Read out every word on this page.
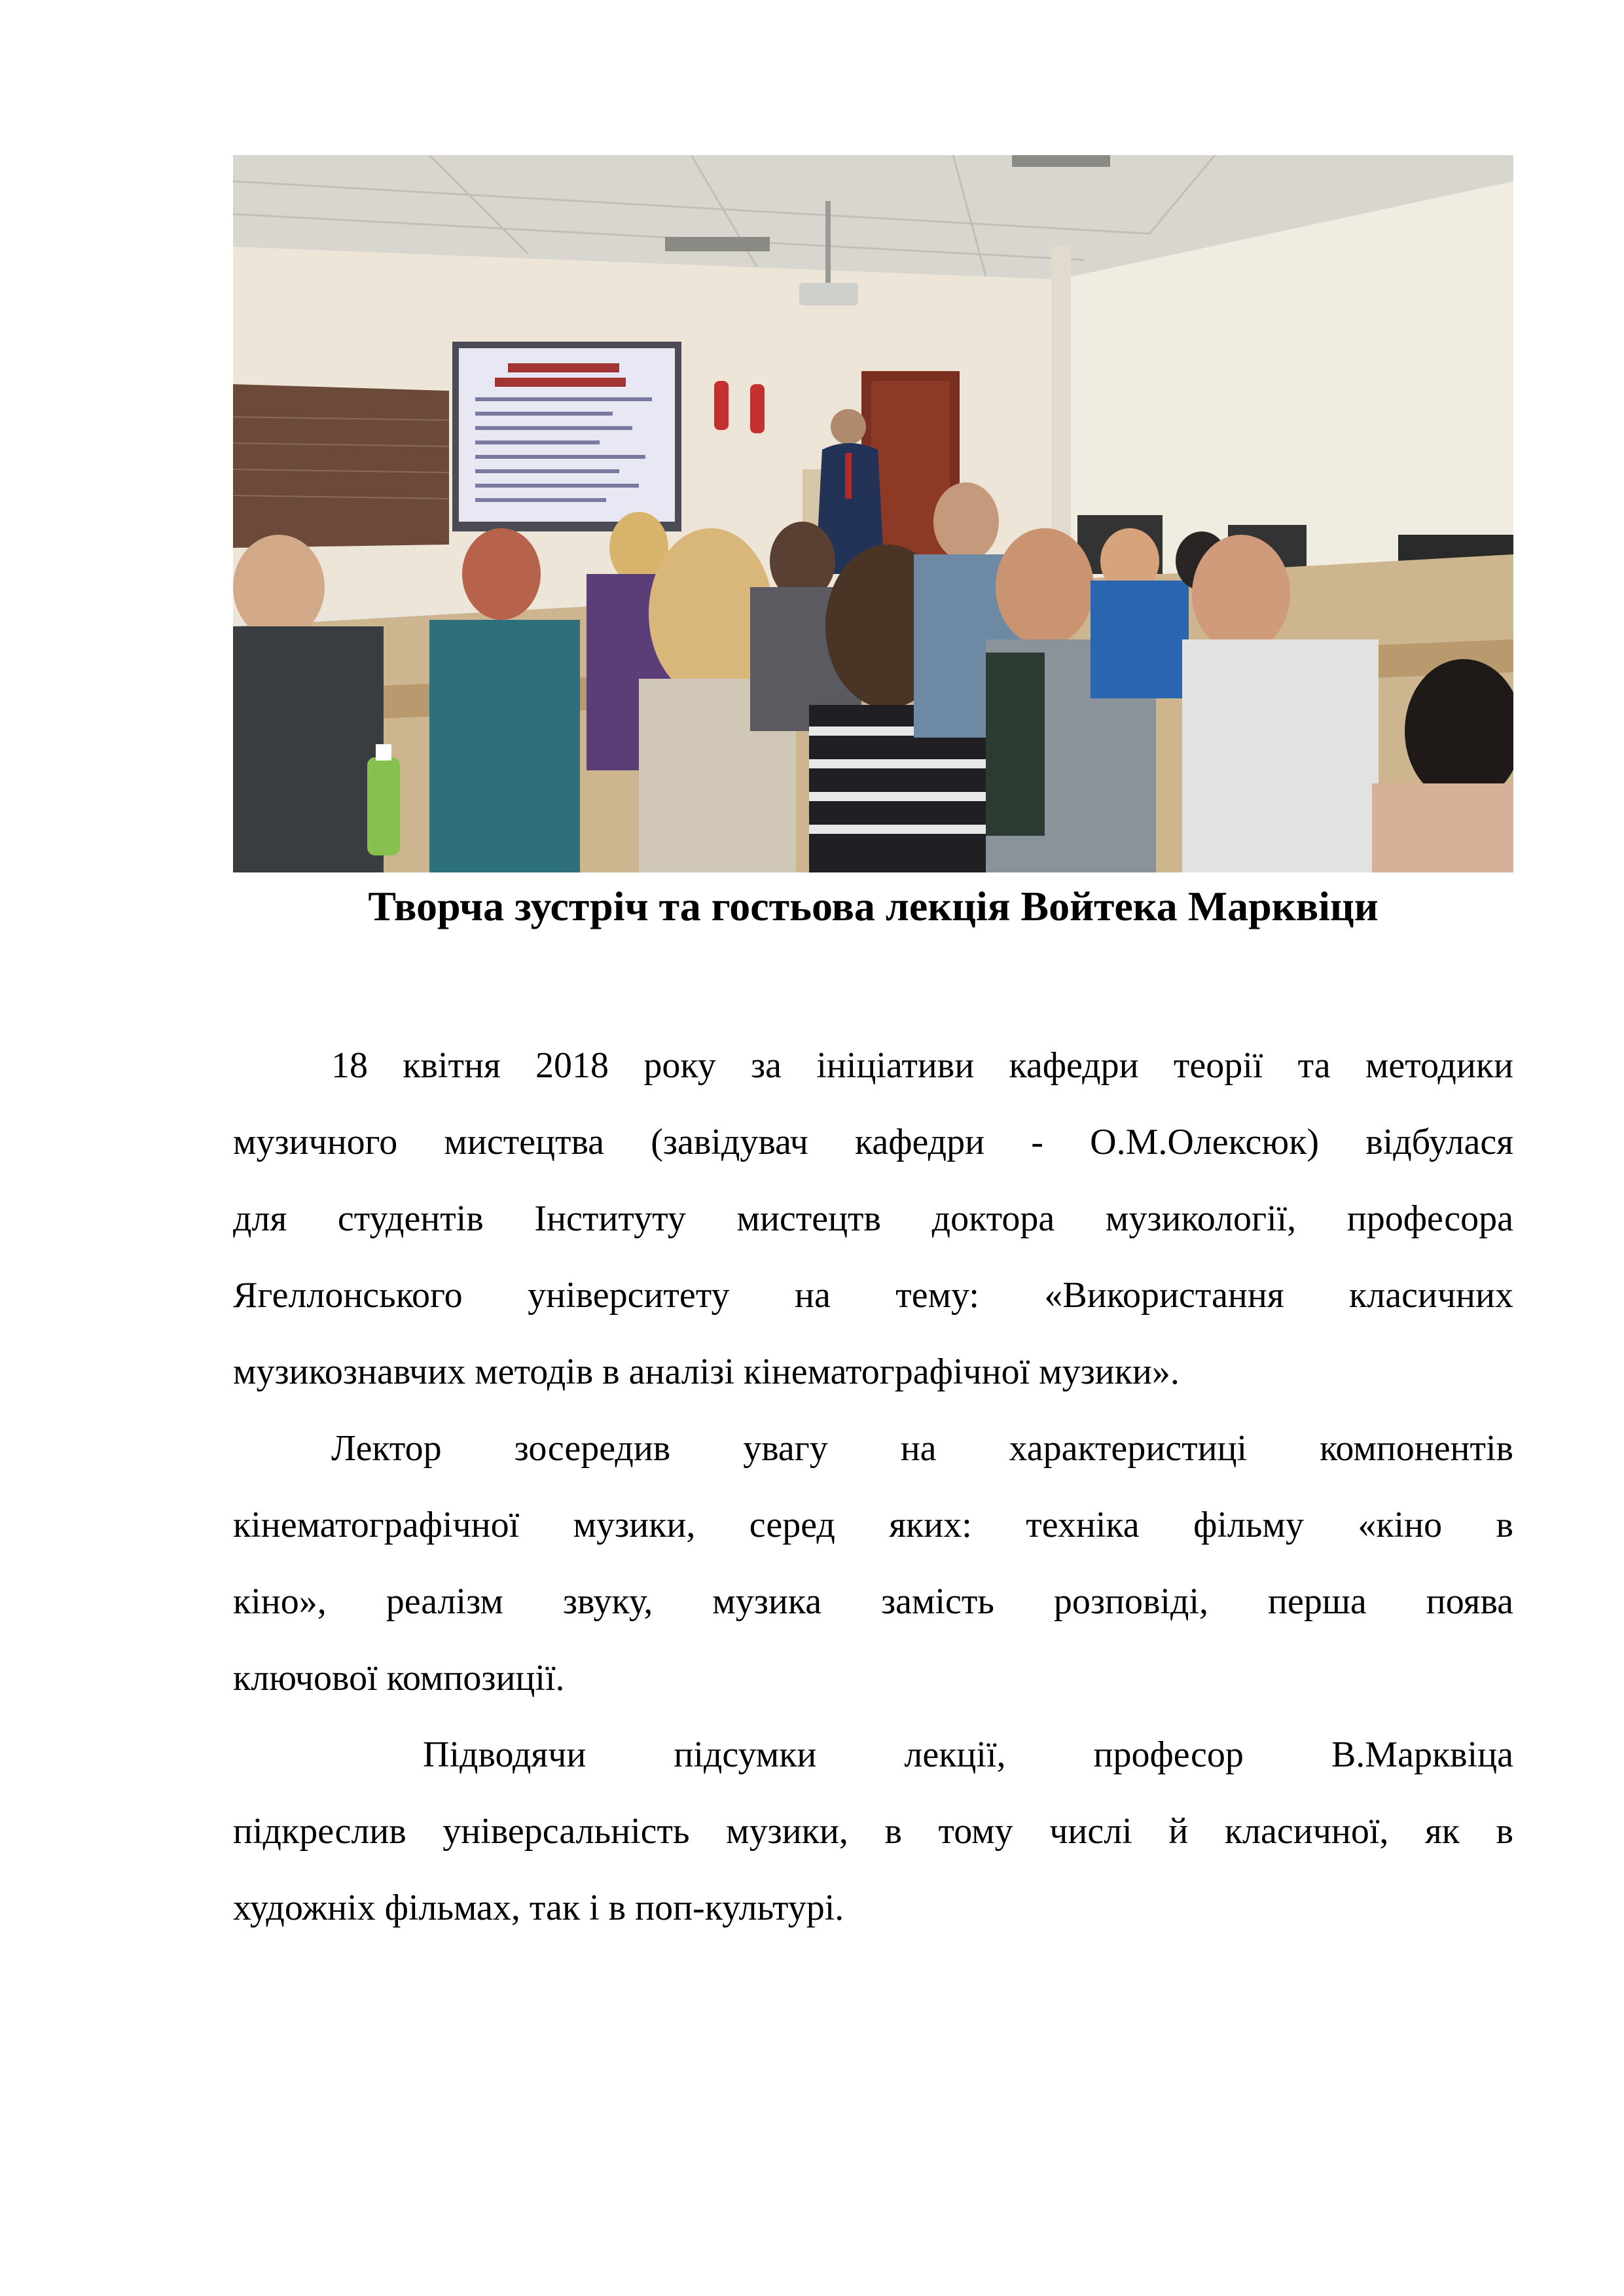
Творча зустріч та гостьова лекція Войтека Марквіци

18 квітня 2018 року за ініціативи кафедри теорії та методики
музичного мистецтва (завідувач кафедри - О.М.Олексюк) відбулася
для студентів Інституту мистецтв доктора музикології, професора
Ягеллонського університету на тему: «Використання класичних
музикознавчих методів в аналізі кінематографічної музики».

Лектор зосередив увагу на характеристиці компонентів
кінематографічної музики, серед яких: техніка фільму «кіно в
кіно», реалізм звуку, музика замість розповіді, перша поява
ключової композиції.

Підводячи підсумки лекції, професор В.Марквіца
підкреслив універсальність музики, в тому числі й класичної, як в
художніх фільмах, так і в поп-культурі.
